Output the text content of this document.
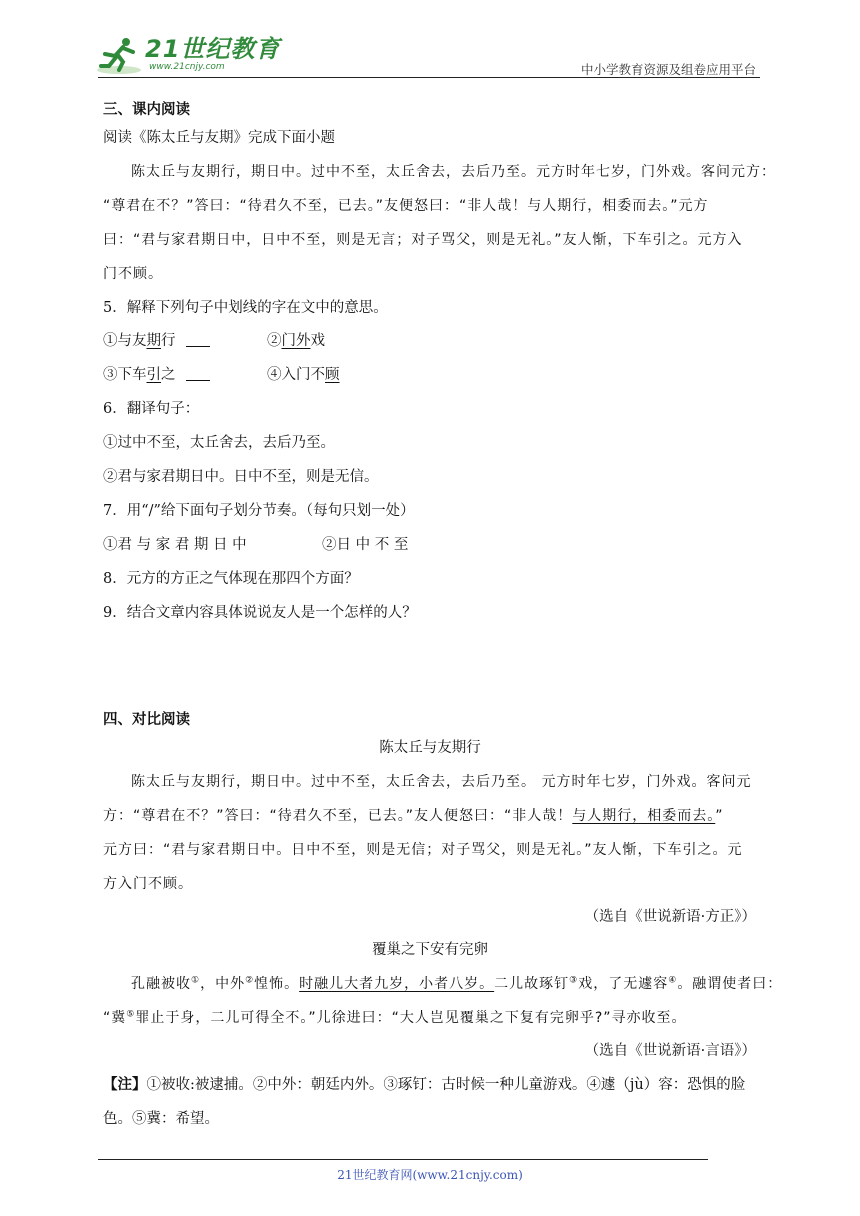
21世纪教育
www.21cnjy.com	中小学教育资源及组卷应用平台
三、课内阅读
阅读《陈太丘与友期》完成下面小题
陈太丘与友期行，期日中。过中不至，太丘舍去，去后乃至。元方时年七岁，门外戏。客问元方：
“尊君在不？”答曰：“待君久不至，已去。”友便怒曰：“非人哉！与人期行，相委而去。”元方
曰：“君与家君期日中，日中不至，则是无言；对子骂父，则是无礼。”友人惭，下车引之。元方入
门不顾。
5．解释下列句子中划线的字在文中的意思。
①与友期行	②门外戏
③下车引之	④入门不顾
6．翻译句子：
①过中不至，太丘舍去，去后乃至。
②君与家君期日中。日中不至，则是无信。
7．用“/”给下面句子划分节奏。（每句只划一处）
①君 与 家 君 期 日 中	②日 中 不 至
8．元方的方正之气体现在那四个方面？
9．结合文章内容具体说说友人是一个怎样的人？
四、对比阅读
陈太丘与友期行
陈太丘与友期行，期日中。过中不至，太丘舍去，去后乃至。 元方时年七岁，门外戏。客问元
方：“尊君在不？”答曰：“待君久不至，已去。”友人便怒曰：“非人哉！与人期行，相委而去。”
元方曰：“君与家君期日中。日中不至，则是无信；对子骂父，则是无礼。”友人惭，下车引之。元
方入门不顾。
（选自《世说新语·方正》）
覆巢之下安有完卵
孔融被收①，中外②惶怖。时融儿大者九岁，小者八岁。二儿故琢钉③戏，了无遽容④。融谓使者曰：
“冀⑤罪止于身，二儿可得全不。”儿徐进曰：“大人岂见覆巢之下复有完卵乎?”寻亦收至。
（选自《世说新语·言语》）
【注】①被收:被逮捕。②中外：朝廷内外。③琢钉：古时候一种儿童游戏。④遽（jù）容：恐惧的脸
色。⑤冀：希望。
21世纪教育网(www.21cnjy.com)
